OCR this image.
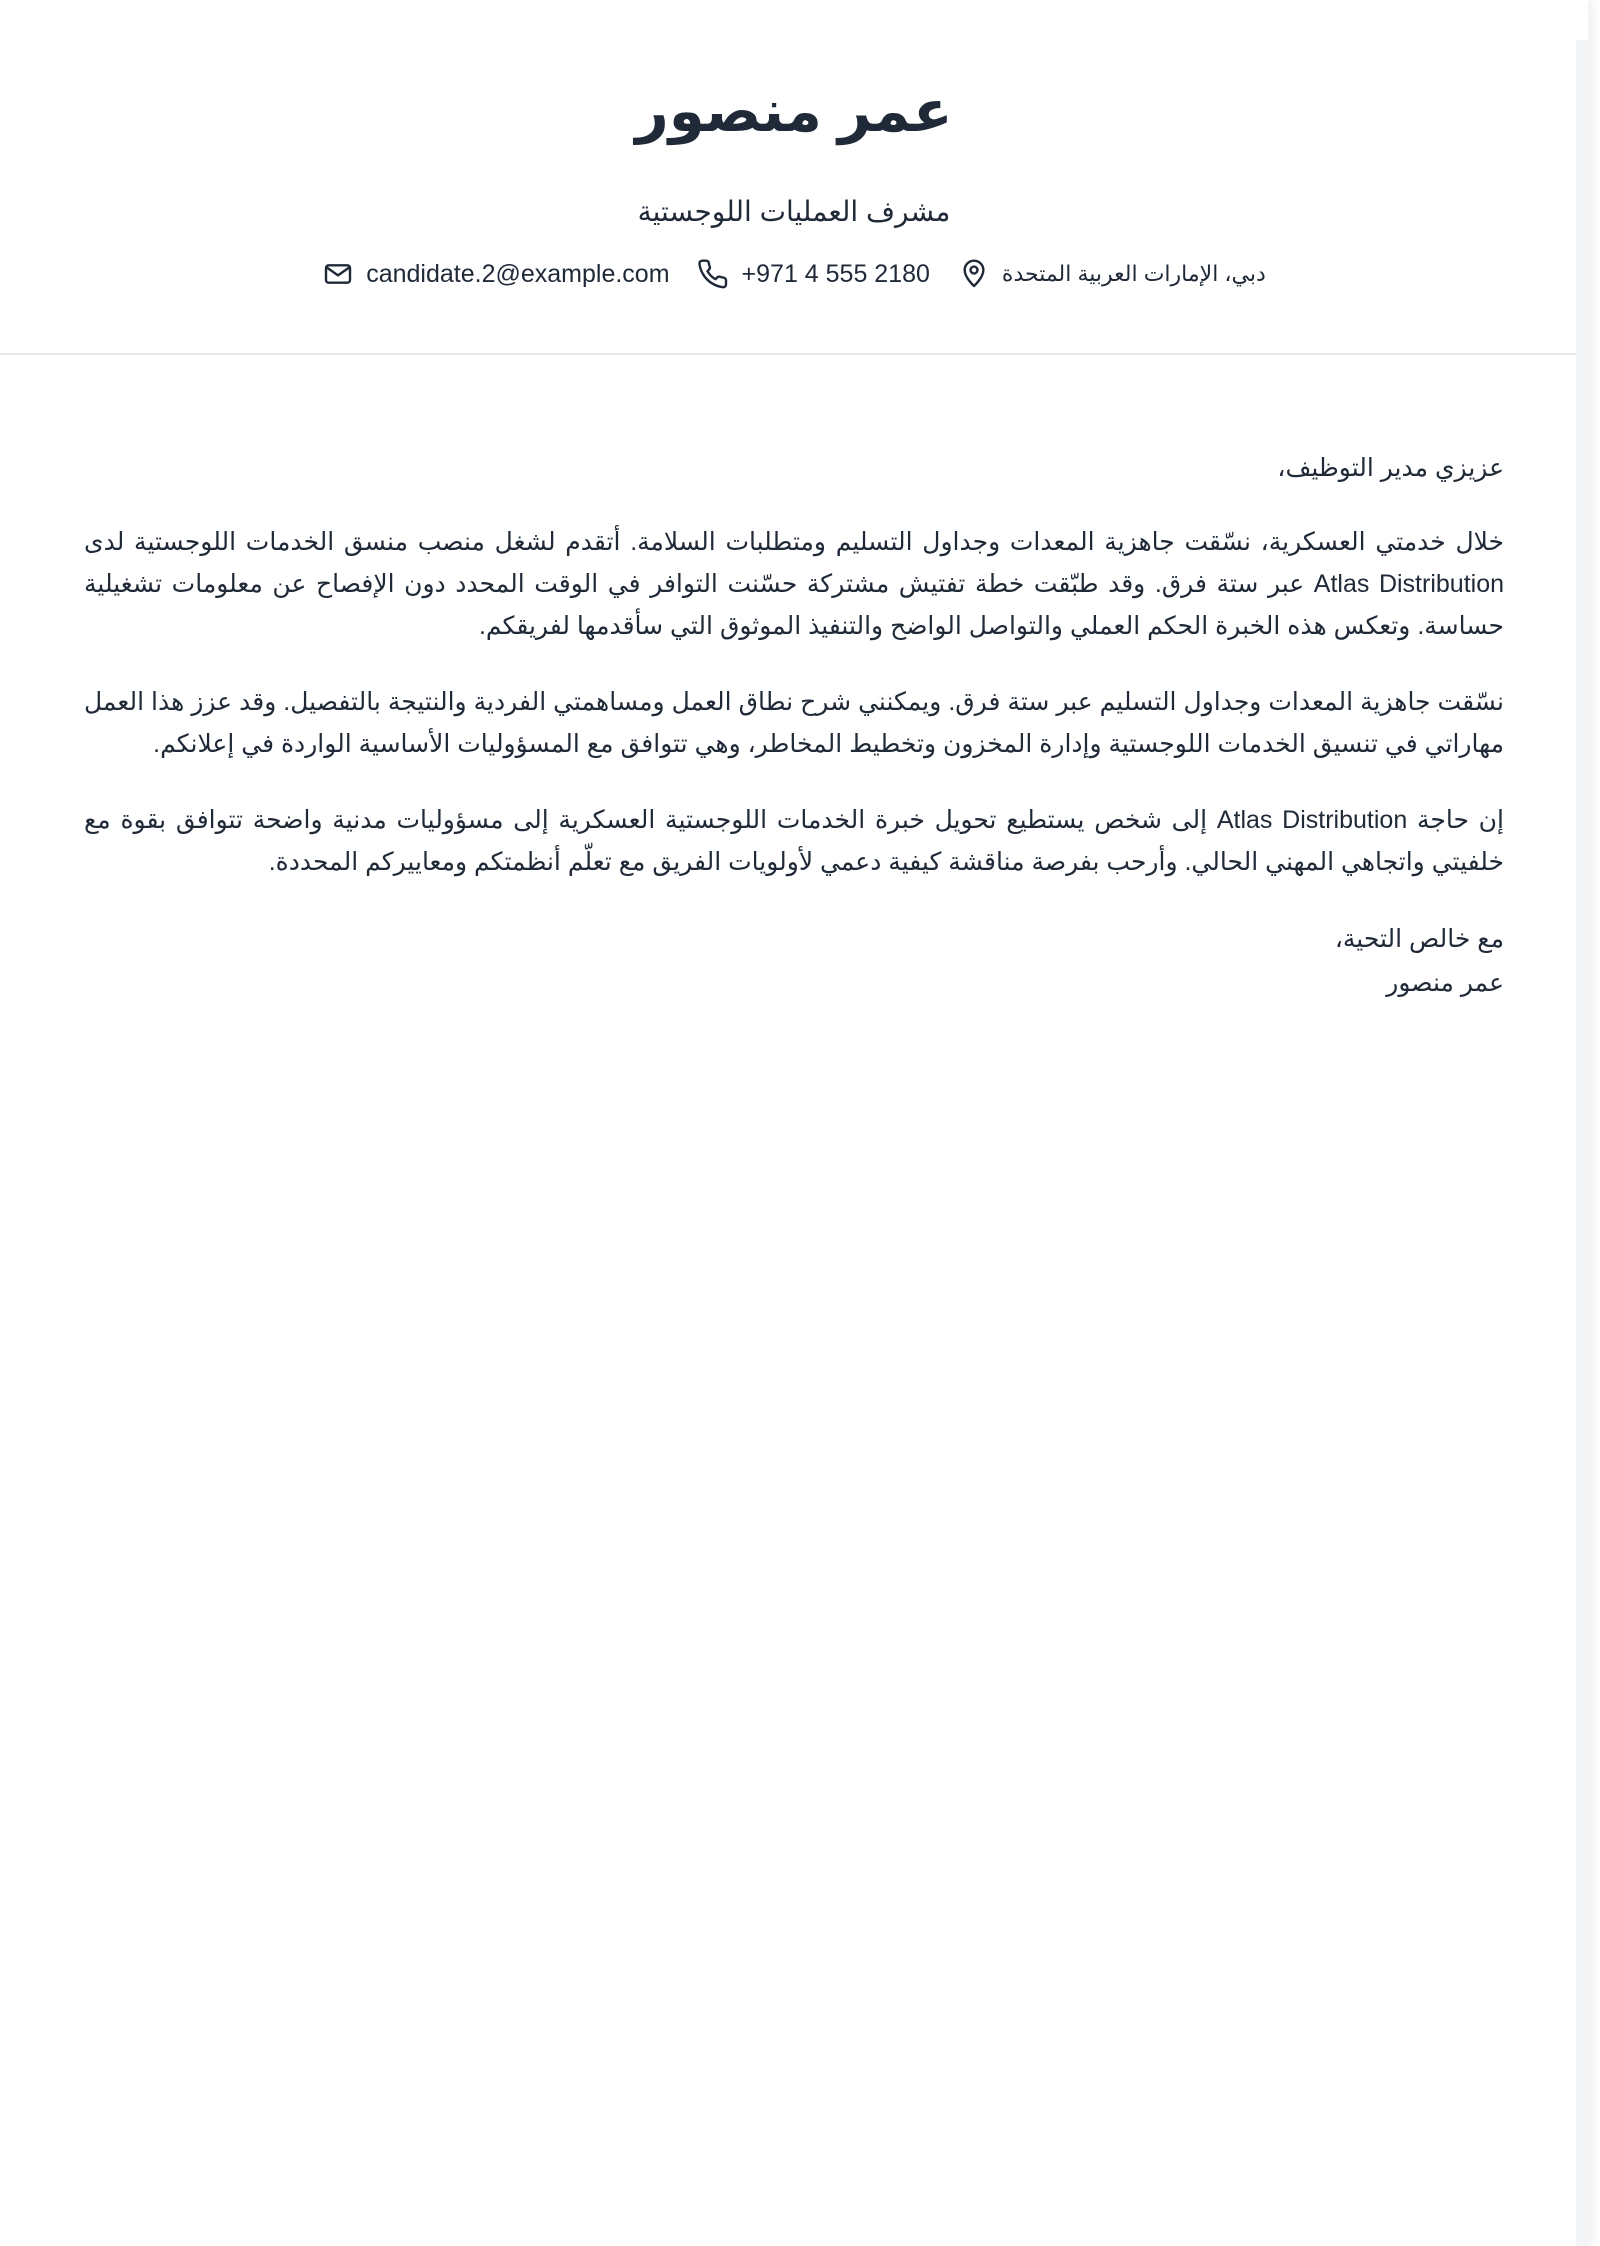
عمر منصور
مشرف العمليات اللوجستية
candidate.2@example.com	+971 4 555 2180	دبي، الإمارات العربية المتحدة

عزيزي مدير التوظيف،

خلال خدمتي العسكرية، نسّقت جاهزية المعدات وجداول التسليم ومتطلبات السلامة. أتقدم لشغل منصب منسق الخدمات اللوجستية لدى Atlas Distribution عبر ستة فرق. وقد طبّقت خطة تفتيش مشتركة حسّنت التوافر في الوقت المحدد دون الإفصاح عن معلومات تشغيلية حساسة. وتعكس هذه الخبرة الحكم العملي والتواصل الواضح والتنفيذ الموثوق التي سأقدمها لفريقكم.

نسّقت جاهزية المعدات وجداول التسليم عبر ستة فرق. ويمكنني شرح نطاق العمل ومساهمتي الفردية والنتيجة بالتفصيل. وقد عزز هذا العمل مهاراتي في تنسيق الخدمات اللوجستية وإدارة المخزون وتخطيط المخاطر، وهي تتوافق مع المسؤوليات الأساسية الواردة في إعلانكم.

إن حاجة Atlas Distribution إلى شخص يستطيع تحويل خبرة الخدمات اللوجستية العسكرية إلى مسؤوليات مدنية واضحة تتوافق بقوة مع خلفيتي واتجاهي المهني الحالي. وأرحب بفرصة مناقشة كيفية دعمي لأولويات الفريق مع تعلّم أنظمتكم ومعاييركم المحددة.

مع خالص التحية،
عمر منصور
